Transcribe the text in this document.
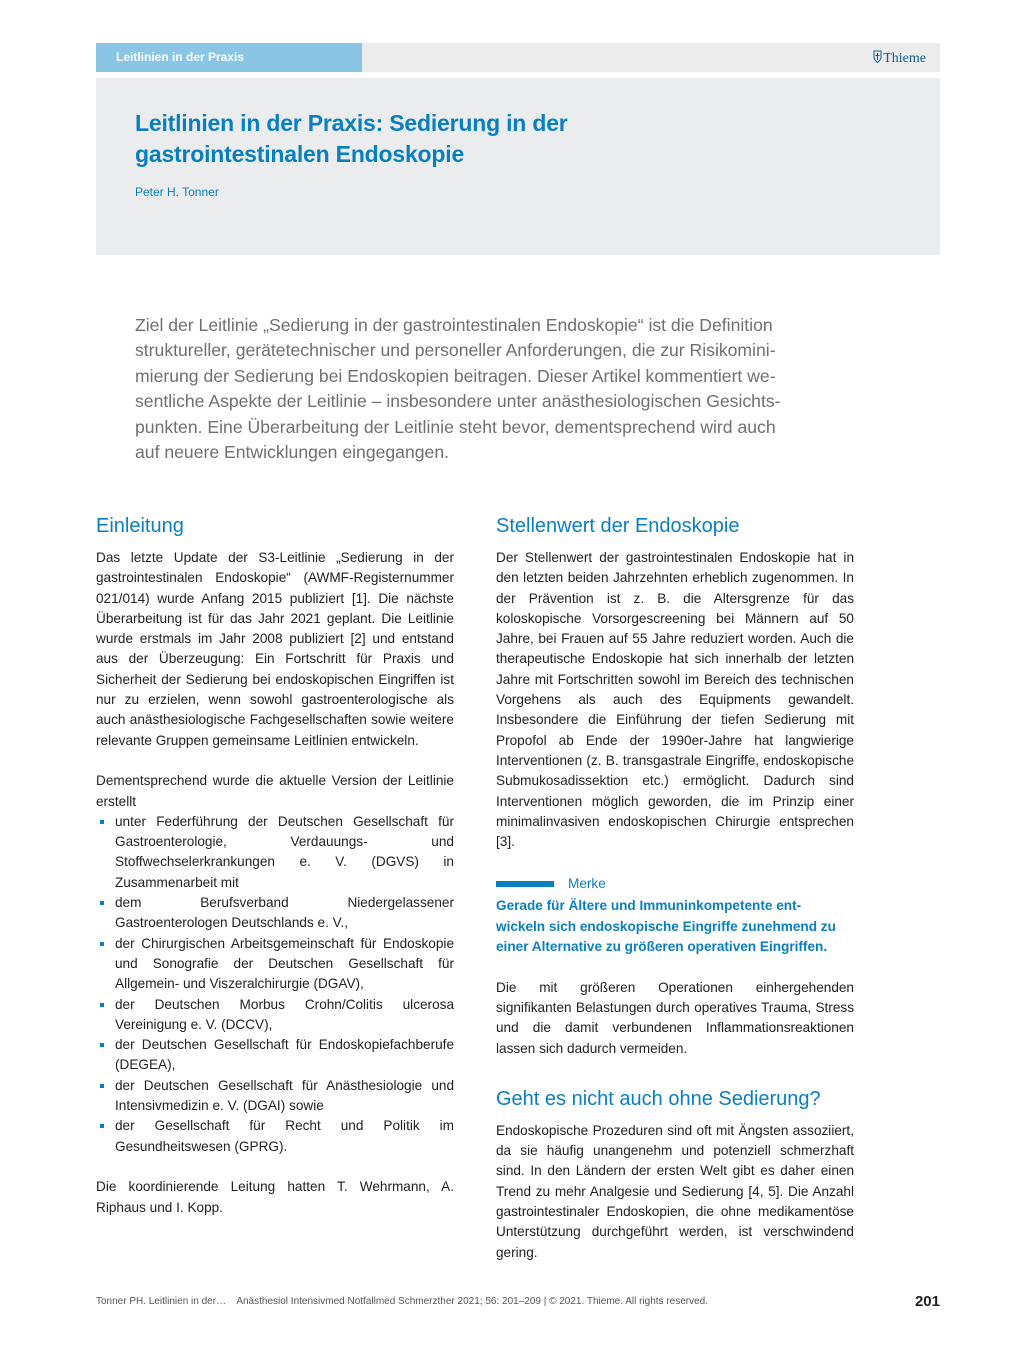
Leitlinien in der Praxis	Thieme
Leitlinien in der Praxis: Sedierung in der
gastrointestinalen Endoskopie
Peter H. Tonner

Ziel der Leitlinie „Sedierung in der gastrointestinalen Endoskopie“ ist die Definition
struktureller, gerätetechnischer und personeller Anforderungen, die zur Risikomini-
mierung der Sedierung bei Endoskopien beitragen. Dieser Artikel kommentiert we-
sentliche Aspekte der Leitlinie – insbesondere unter anästhesiologischen Gesichts-
punkten. Eine Überarbeitung der Leitlinie steht bevor, dementsprechend wird auch
auf neuere Entwicklungen eingegangen.

Einleitung

Das letzte Update der S3-Leitlinie „Sedierung in der gastrointestinalen Endoskopie“ (AWMF-Registernummer 021/014) wurde Anfang 2015 publiziert [1]. Die nächste Überarbeitung ist für das Jahr 2021 geplant. Die Leitlinie wurde erstmals im Jahr 2008 publiziert [2] und entstand aus der Überzeugung: Ein Fortschritt für Praxis und Sicherheit der Sedierung bei endoskopischen Eingriffen ist nur zu erzielen, wenn sowohl gastroenterologische als auch anästhesiologische Fachgesellschaften sowie weitere relevante Gruppen gemeinsame Leitlinien entwickeln.

Dementsprechend wurde die aktuelle Version der Leitlinie erstellt

unter Federführung der Deutschen Gesellschaft für Gastroenterologie, Verdauungs- und Stoffwechselerkrankungen e. V. (DGVS) in Zusammenarbeit mit
dem Berufsverband Niedergelassener Gastroenterologen Deutschlands e. V.,
der Chirurgischen Arbeitsgemeinschaft für Endoskopie und Sonografie der Deutschen Gesellschaft für Allgemein- und Viszeralchirurgie (DGAV),
der Deutschen Morbus Crohn/Colitis ulcerosa Vereinigung e. V. (DCCV),
der Deutschen Gesellschaft für Endoskopiefachberufe (DEGEA),
der Deutschen Gesellschaft für Anästhesiologie und Intensivmedizin e. V. (DGAI) sowie
der Gesellschaft für Recht und Politik im Gesundheitswesen (GPRG).

Die koordinierende Leitung hatten T. Wehrmann, A. Riphaus und I. Kopp.

Stellenwert der Endoskopie

Der Stellenwert der gastrointestinalen Endoskopie hat in den letzten beiden Jahrzehnten erheblich zugenommen. In der Prävention ist z. B. die Altersgrenze für das koloskopische Vorsorgescreening bei Männern auf 50 Jahre, bei Frauen auf 55 Jahre reduziert worden. Auch die therapeutische Endoskopie hat sich innerhalb der letzten Jahre mit Fortschritten sowohl im Bereich des technischen Vorgehens als auch des Equipments gewandelt. Insbesondere die Einführung der tiefen Sedierung mit Propofol ab Ende der 1990er-Jahre hat langwierige Interventionen (z. B. transgastrale Eingriffe, endoskopische Submukosadissektion etc.) ermöglicht. Dadurch sind Interventionen möglich geworden, die im Prinzip einer minimalinvasiven endoskopischen Chirurgie entsprechen [3].

Merke

Gerade für Ältere und Immuninkompetente ent-
wickeln sich endoskopische Eingriffe zunehmend zu
einer Alternative zu größeren operativen Eingriffen.

Die mit größeren Operationen einhergehenden signifikanten Belastungen durch operatives Trauma, Stress und die damit verbundenen Inflammationsreaktionen lassen sich dadurch vermeiden.

Geht es nicht auch ohne Sedierung?

Endoskopische Prozeduren sind oft mit Ängsten assoziiert, da sie häufig unangenehm und potenziell schmerzhaft sind. In den Ländern der ersten Welt gibt es daher einen Trend zu mehr Analgesie und Sedierung [4, 5]. Die Anzahl gastrointestinaler Endoskopien, die ohne medikamentöse Unterstützung durchgeführt werden, ist verschwindend gering.

Tonner PH. Leitlinien in der… Anästhesiol Intensivmed Notfallmed Schmerzther 2021; 56: 201–209 | © 2021. Thieme. All rights reserved.	201
